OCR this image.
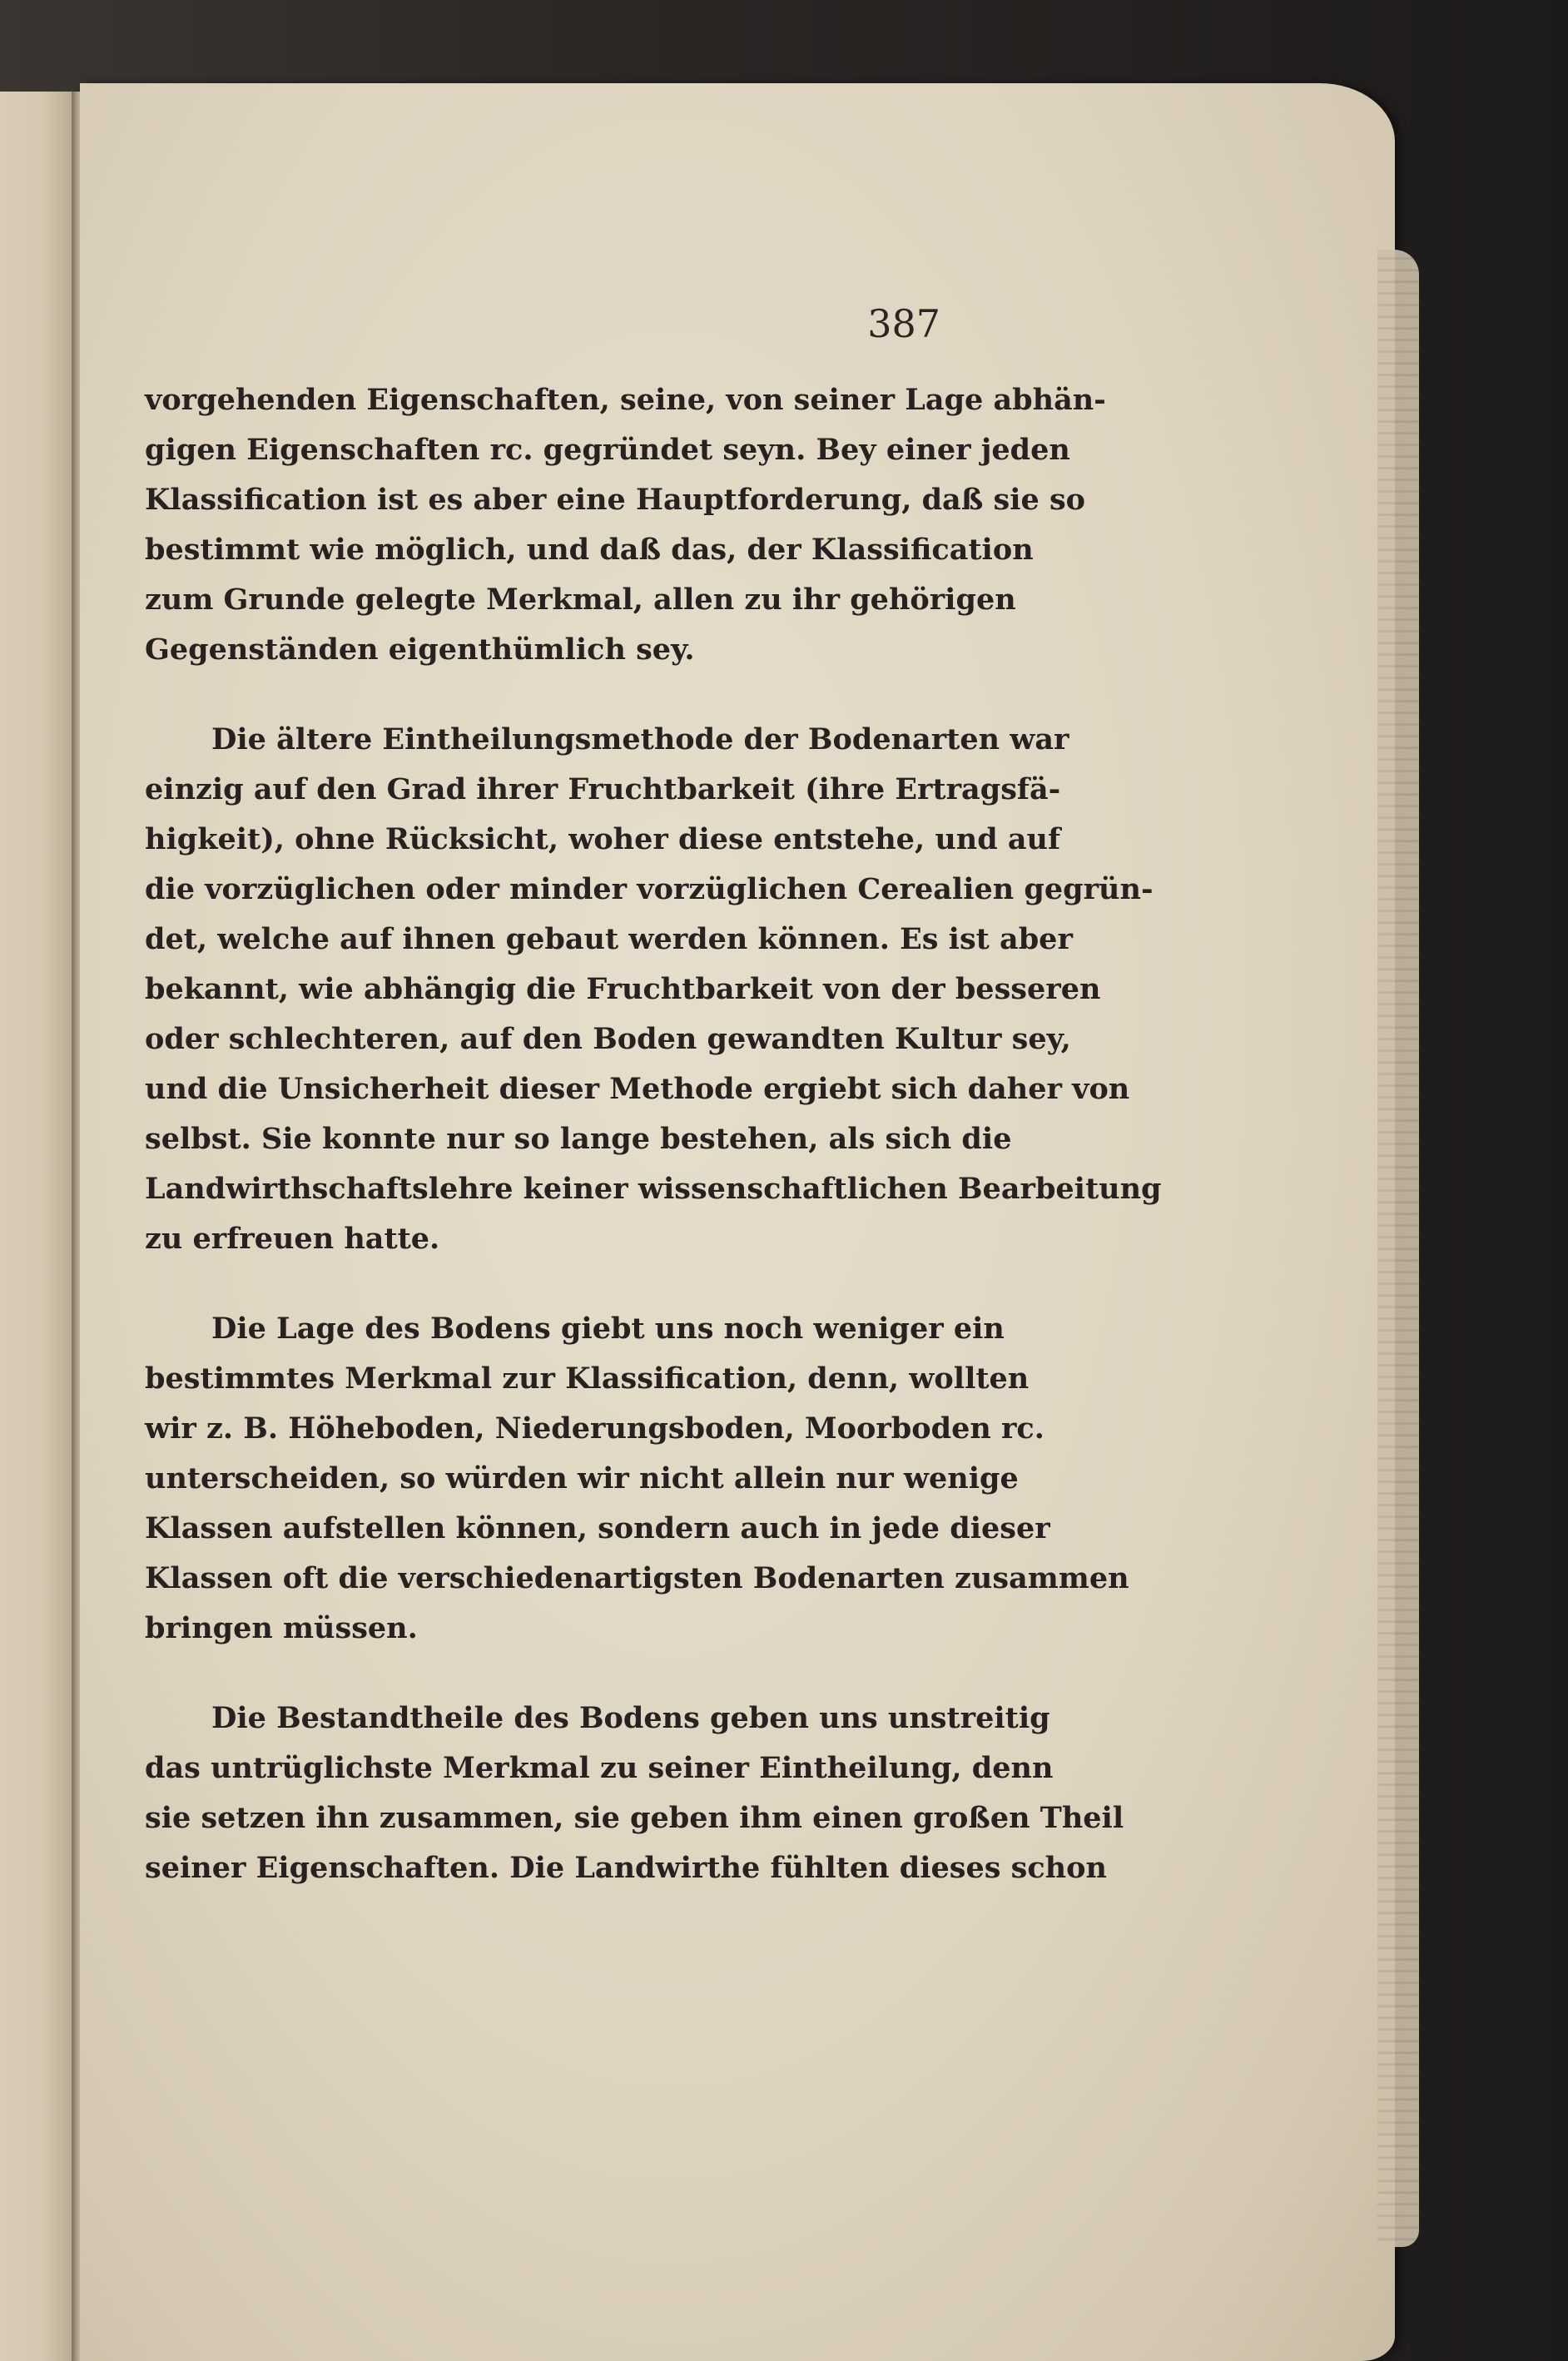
387
vorgehenden Eigenschaften, seine, von seiner Lage abhän-
gigen Eigenschaften rc. gegründet seyn. Bey einer jeden
Klassification ist es aber eine Hauptforderung, daß sie so
bestimmt wie möglich, und daß das, der Klassification
zum Grunde gelegte Merkmal, allen zu ihr gehörigen
Gegenständen eigenthümlich sey.
Die ältere Eintheilungsmethode der Bodenarten war
einzig auf den Grad ihrer Fruchtbarkeit (ihre Ertragsfä-
higkeit), ohne Rücksicht, woher diese entstehe, und auf
die vorzüglichen oder minder vorzüglichen Cerealien gegrün-
det, welche auf ihnen gebaut werden können. Es ist aber
bekannt, wie abhängig die Fruchtbarkeit von der besseren
oder schlechteren, auf den Boden gewandten Kultur sey,
und die Unsicherheit dieser Methode ergiebt sich daher von
selbst. Sie konnte nur so lange bestehen, als sich die
Landwirthschaftslehre keiner wissenschaftlichen Bearbeitung
zu erfreuen hatte.
Die Lage des Bodens giebt uns noch weniger ein
bestimmtes Merkmal zur Klassification, denn, wollten
wir z. B. Höheboden, Niederungsboden, Moorboden rc.
unterscheiden, so würden wir nicht allein nur wenige
Klassen aufstellen können, sondern auch in jede dieser
Klassen oft die verschiedenartigsten Bodenarten zusammen
bringen müssen.
Die Bestandtheile des Bodens geben uns unstreitig
das untrüglichste Merkmal zu seiner Eintheilung, denn
sie setzen ihn zusammen, sie geben ihm einen großen Theil
seiner Eigenschaften. Die Landwirthe fühlten dieses schon
